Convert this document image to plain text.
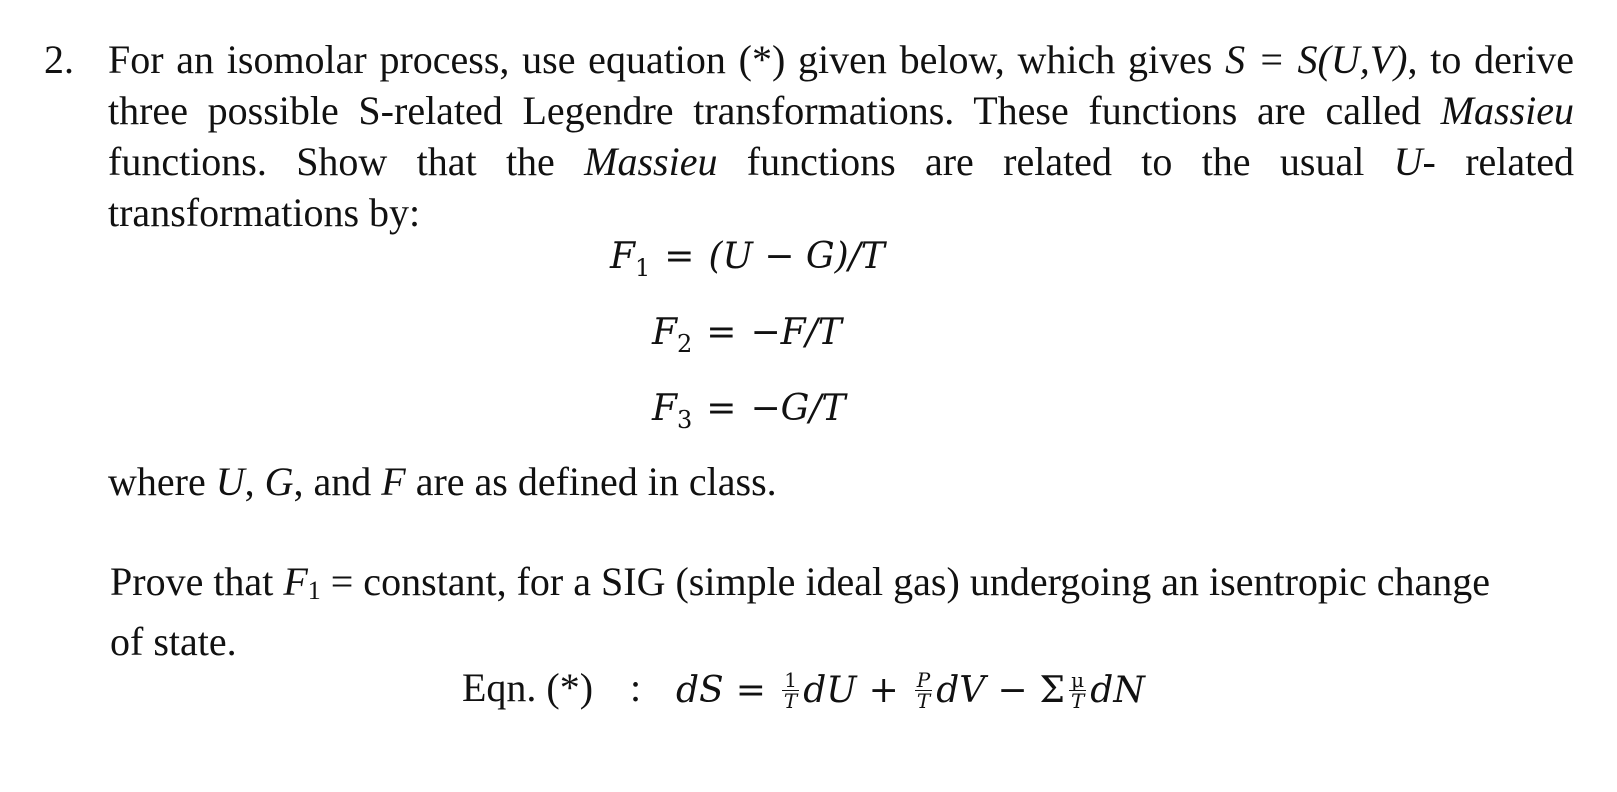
2. For an isomolar process, use equation (*) given below, which gives S = S(U,V), to derive three possible S-related Legendre transformations. These functions are called Massieu functions. Show that the Massieu functions are related to the usual U- related transformations by:
$F_1 = (U - G)/T$
$F_2 = -F/T$
$F_3 = -G/T$
where U, G, and F are as defined in class.
Prove that $F_1$ = constant, for a SIG (simple ideal gas) undergoing an isentropic change of state.
Eqn. (*) : dS = $\frac{1}{T}$ dU + $\frac{P}{T}$ dV − Σ $\frac{\mu}{T}$ dN
